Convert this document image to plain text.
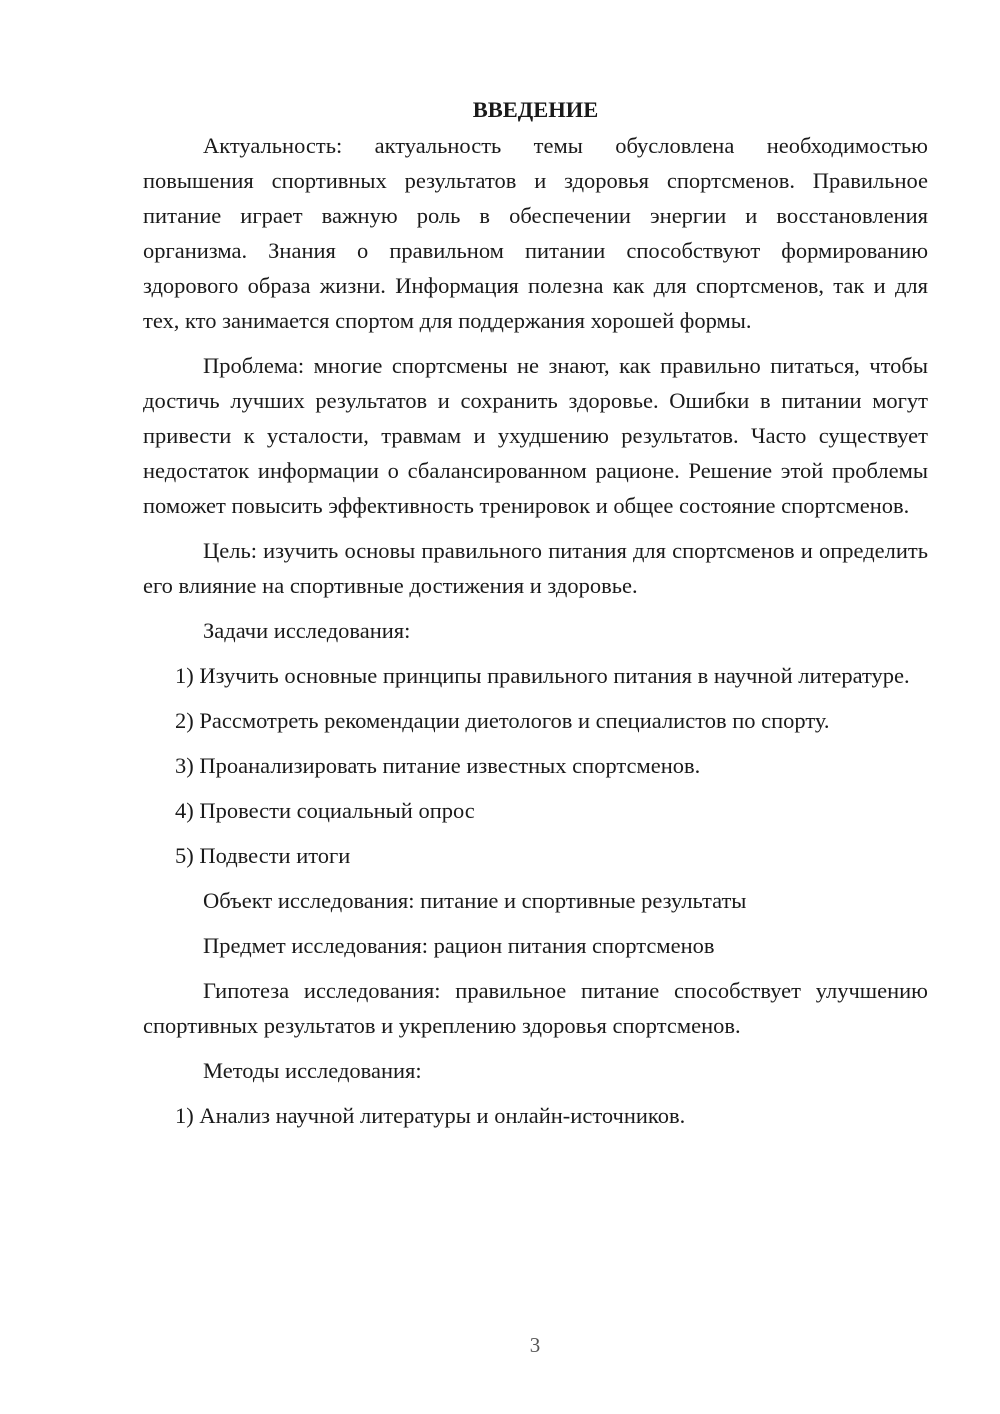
ВВЕДЕНИЕ

Актуальность: актуальность темы обусловлена необходимостью повышения спортивных результатов и здоровья спортсменов. Правильное питание играет важную роль в обеспечении энергии и восстановления организма. Знания о правильном питании способствуют формированию здорового образа жизни. Информация полезна как для спортсменов, так и для тех, кто занимается спортом для поддержания хорошей формы.

Проблема: многие спортсмены не знают, как правильно питаться, чтобы достичь лучших результатов и сохранить здоровье. Ошибки в питании могут привести к усталости, травмам и ухудшению результатов. Часто существует недостаток информации о сбалансированном рационе. Решение этой проблемы поможет повысить эффективность тренировок и общее состояние спортсменов.

Цель: изучить основы правильного питания для спортсменов и определить его влияние на спортивные достижения и здоровье.

Задачи исследования:

1) Изучить основные принципы правильного питания в научной литературе.

2) Рассмотреть рекомендации диетологов и специалистов по спорту.

3) Проанализировать питание известных спортсменов.

4) Провести социальный опрос

5) Подвести итоги

Объект исследования: питание и спортивные результаты

Предмет исследования: рацион питания спортсменов

Гипотеза исследования: правильное питание способствует улучшению спортивных результатов и укреплению здоровья спортсменов.

Методы исследования:

1) Анализ научной литературы и онлайн-источников.

3
